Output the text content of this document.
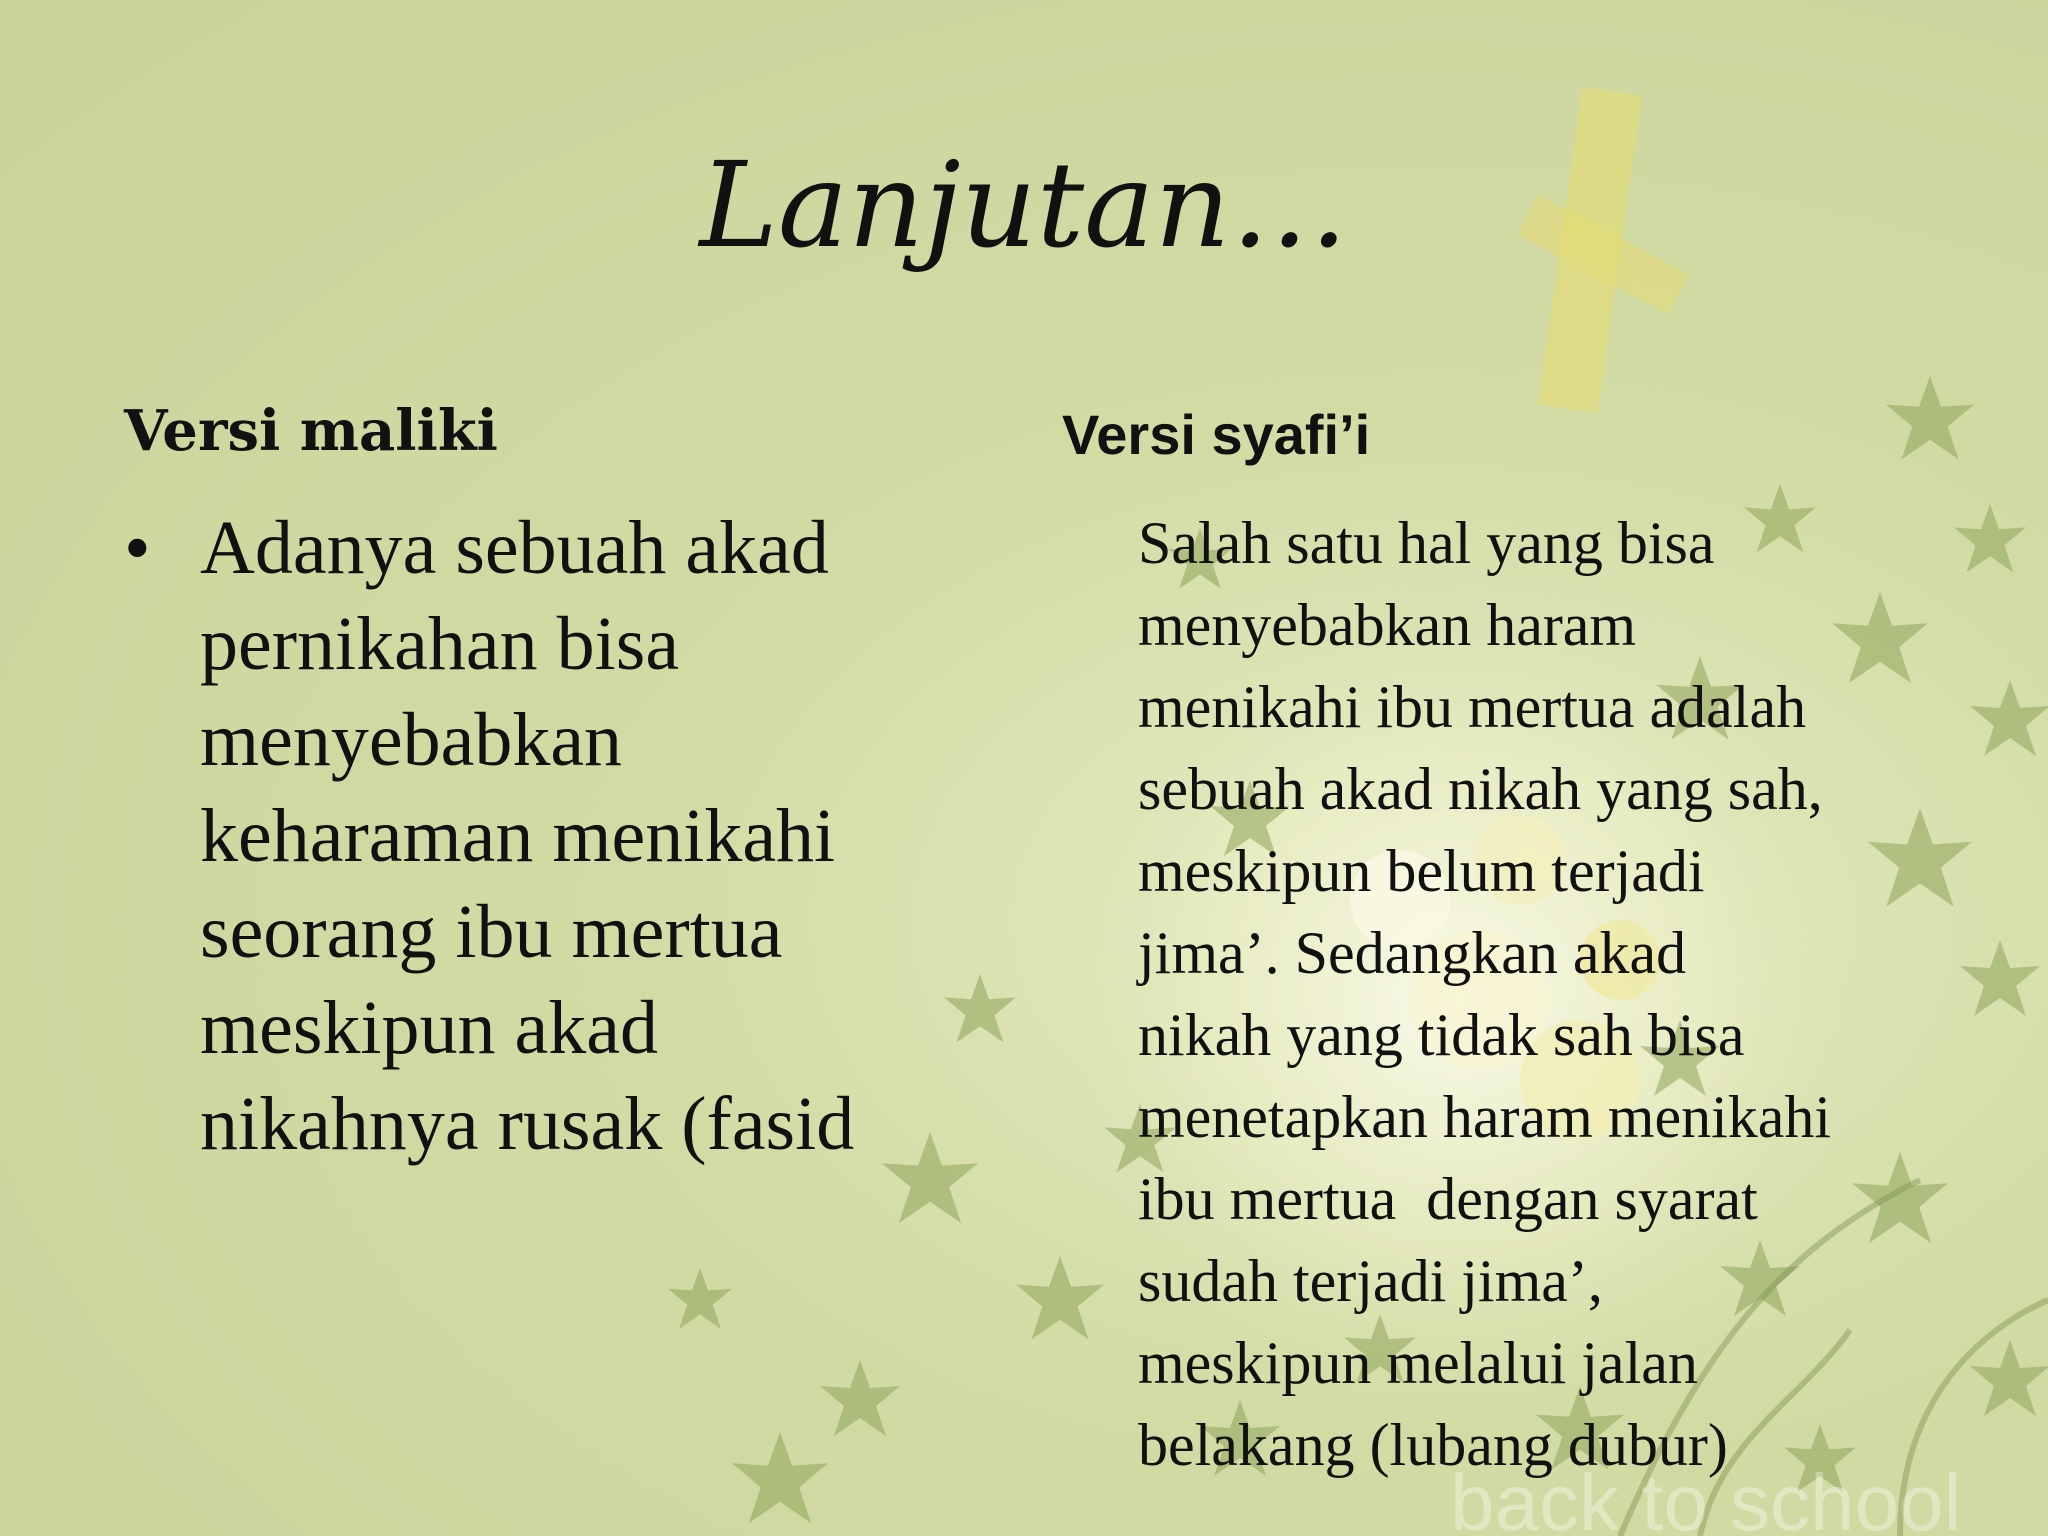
back to school
Lanjutan…
Versi maliki	Versi syafi’i
• Adanya sebuah akad
pernikahan bisa
menyebabkan
keharaman menikahi
seorang ibu mertua
meskipun akad
nikahnya rusak (fasid
Salah satu hal yang bisa
menyebabkan haram
menikahi ibu mertua adalah
sebuah akad nikah yang sah,
meskipun belum terjadi
jima’. Sedangkan akad
nikah yang tidak sah bisa
menetapkan haram menikahi
ibu mertua  dengan syarat
sudah terjadi jima’,
meskipun melalui jalan
belakang (lubang dubur)
